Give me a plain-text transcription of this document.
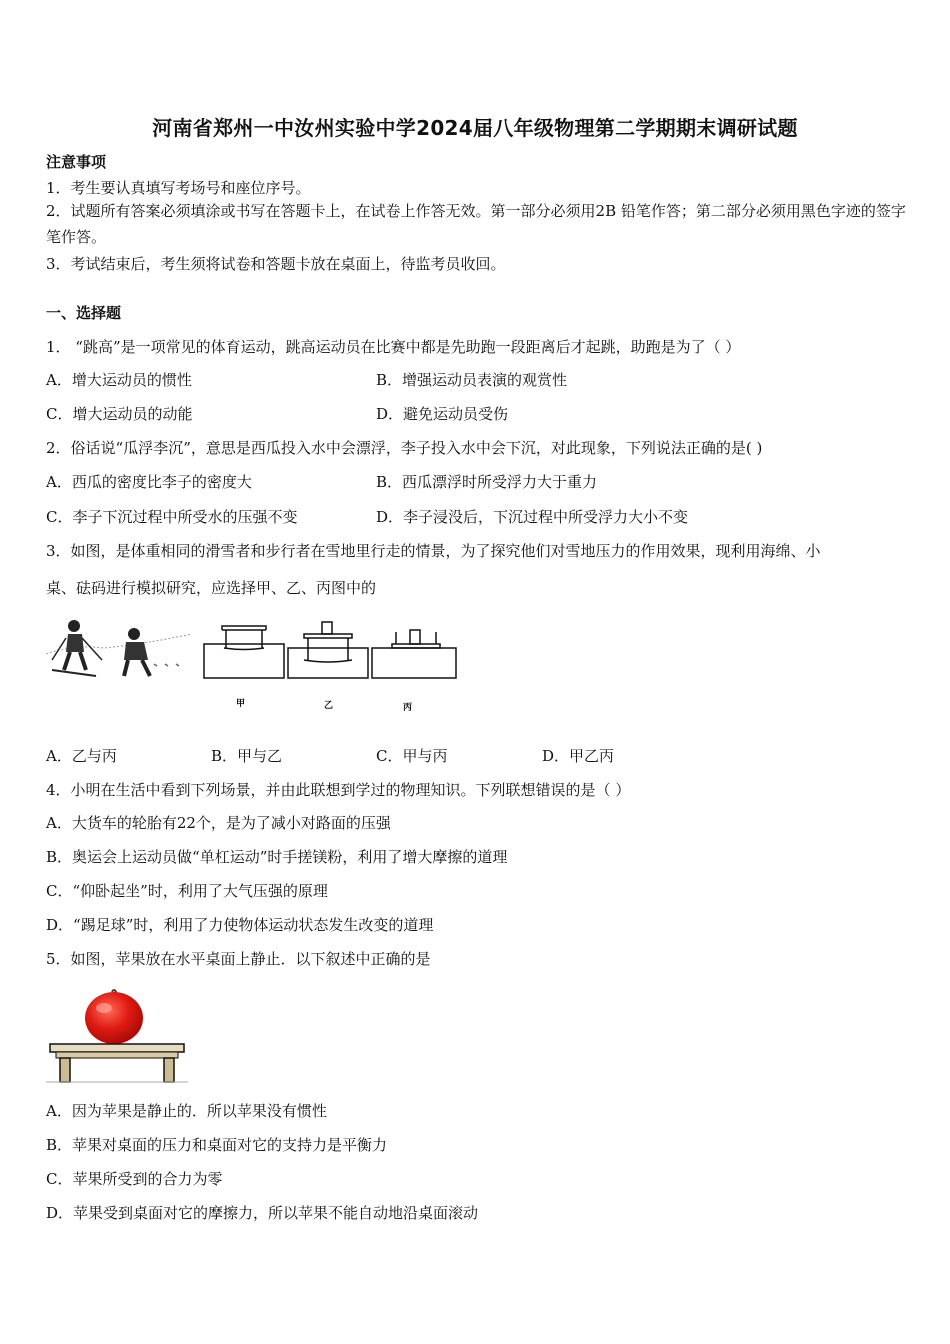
河南省郑州一中汝州实验中学2024届八年级物理第二学期期末调研试题
注意事项
1．考生要认真填写考场号和座位序号。
2．试题所有答案必须填涂或书写在答题卡上，在试卷上作答无效。第一部分必须用2B 铅笔作答；第二部分必须用黑色字迹的签字笔作答。
3．考试结束后，考生须将试卷和答题卡放在桌面上，待监考员收回。
一、选择题
1． “跳高”是一项常见的体育运动，跳高运动员在比赛中都是先助跑一段距离后才起跳，助跑是为了（ ）
A．增大运动员的惯性	B．增强运动员表演的观赏性
C．增大运动员的动能	D．避免运动员受伤
2．俗话说“瓜浮李沉”，意思是西瓜投入水中会漂浮，李子投入水中会下沉，对此现象，下列说法正确的是( )
A．西瓜的密度比李子的密度大	B．西瓜漂浮时所受浮力大于重力
C．李子下沉过程中所受水的压强不变	D．李子浸没后，下沉过程中所受浮力大小不变
3．如图，是体重相同的滑雪者和步行者在雪地里行走的情景，为了探究他们对雪地压力的作用效果，现利用海绵、小
桌、砝码进行模拟研究，应选择甲、乙、丙图中的
甲	乙	丙
A．乙与丙	B．甲与乙	C．甲与丙	D．甲乙丙
4．小明在生活中看到下列场景，并由此联想到学过的物理知识。下列联想错误的是（ ）
A．大货车的轮胎有22个，是为了减小对路面的压强
B．奥运会上运动员做“单杠运动”时手搓镁粉，利用了增大摩擦的道理
C．“仰卧起坐”时，利用了大气压强的原理
D．“踢足球”时，利用了力使物体运动状态发生改变的道理
5．如图，苹果放在水平桌面上静止．以下叙述中正确的是
A．因为苹果是静止的．所以苹果没有惯性
B．苹果对桌面的压力和桌面对它的支持力是平衡力
C．苹果所受到的合力为零
D．苹果受到桌面对它的摩擦力，所以苹果不能自动地沿桌面滚动
